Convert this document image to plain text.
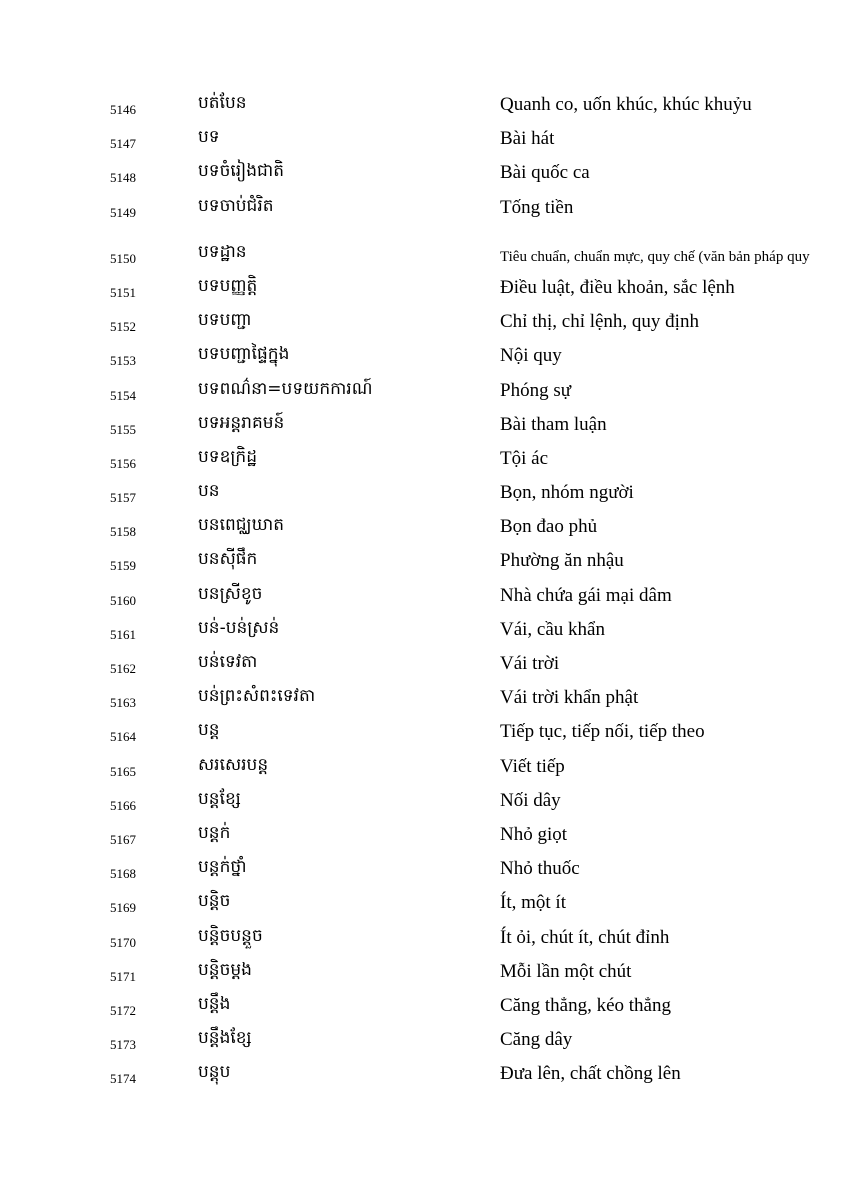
5146	បត់បែន	Quanh co, uốn khúc, khúc khuỷu
5147	បទ	Bài hát
5148	បទចំរៀងជាតិ	Bài quốc ca
5149	បទចាប់ជំរិត	Tống tiền
5150	បទដ្ឋាន	Tiêu chuẩn, chuẩn mực, quy chế (văn bản pháp quy
5151	បទបញ្ញត្តិ	Điều luật, điều khoản, sắc lệnh
5152	បទបញ្ជា	Chỉ thị, chỉ lệnh, quy định
5153	បទបញ្ជាផ្ទៃក្នុង	Nội quy
5154	បទពណ៌នា=បទយកការណ៍	Phóng sự
5155	បទអន្តរាគមន៍	Bài tham luận
5156	បទឧក្រិដ្ឋ	Tội ác
5157	បន	Bọn, nhóm người
5158	បនពេជ្ឈឃាត	Bọn đao phủ
5159	បនស៊ីផឹក	Phường ăn nhậu
5160	បនស្រីខូច	Nhà chứa gái mại dâm
5161	បន់-បន់ស្រន់	Vái, cầu khẩn
5162	បន់ទេវតា	Vái trời
5163	បន់ព្រះសំពះទេវតា	Vái trời khẩn phật
5164	បន្ត	Tiếp tục, tiếp nối, tiếp theo
5165	សរសេរបន្ត	Viết tiếp
5166	បន្តខ្សែ	Nối dây
5167	បន្តក់	Nhỏ giọt
5168	បន្តក់ថ្នាំ	Nhỏ thuốc
5169	បន្តិច	Ít, một ít
5170	បន្តិចបន្តួច	Ít ỏi, chút ít, chút đỉnh
5171	បន្តិចម្តង	Mỗi lần một chút
5172	បន្តឹង	Căng thẳng, kéo thẳng
5173	បន្តឹងខ្សែ	Căng dây
5174	បន្តុប	Đưa lên, chất chồng lên
